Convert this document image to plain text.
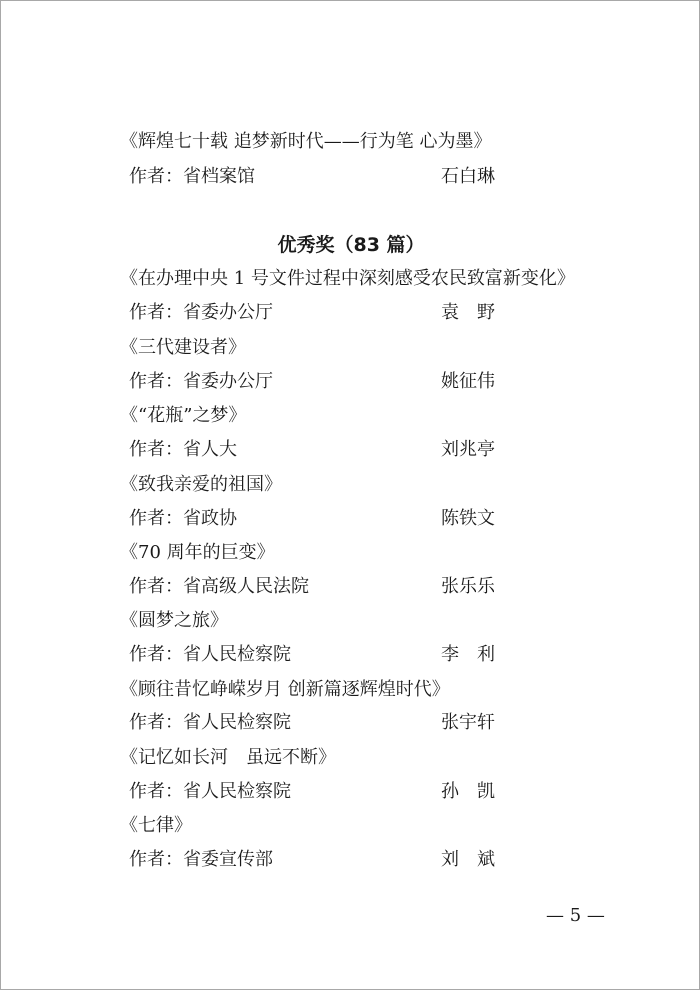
《辉煌七十载 追梦新时代——行为笔 心为墨》
作者：省档案馆	石白琳
优秀奖（83 篇）
《在办理中央 1 号文件过程中深刻感受农民致富新变化》
作者：省委办公厅	袁　野
《三代建设者》
作者：省委办公厅	姚征伟
《“花瓶”之梦》
作者：省人大	刘兆亭
《致我亲爱的祖国》
作者：省政协	陈铁文
《70 周年的巨变》
作者：省高级人民法院	张乐乐
《圆梦之旅》
作者：省人民检察院	李　利
《顾往昔忆峥嵘岁月 创新篇逐辉煌时代》
作者：省人民检察院	张宇轩
《记忆如长河　虽远不断》
作者：省人民检察院	孙　凯
《七律》
作者：省委宣传部	刘　斌
— 5 —
